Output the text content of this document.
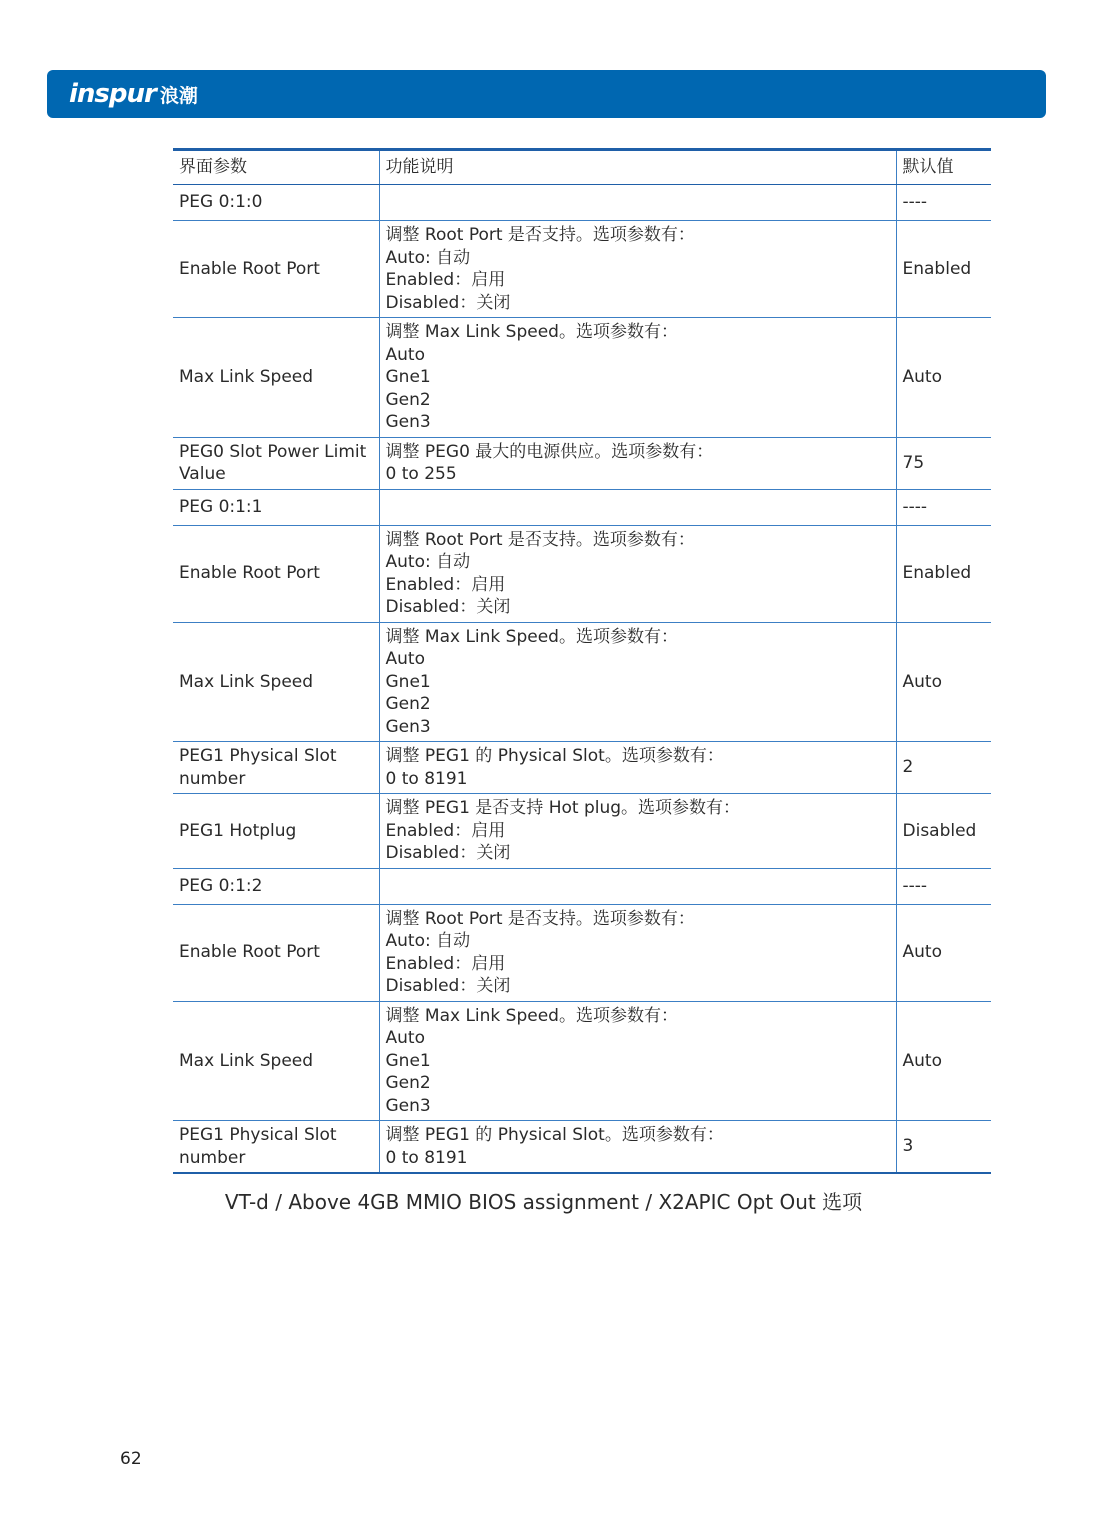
inspur 浪潮
界面参数	功能说明	默认值
PEG 0:1:0		----
Enable Root Port	调整 Root Port 是否支持。选项参数有：
Auto: 自动
Enabled：启用
Disabled：关闭	Enabled
Max Link Speed	调整 Max Link Speed。选项参数有：
Auto
Gne1
Gen2
Gen3	Auto
PEG0 Slot Power Limit Value	调整 PEG0 最大的电源供应。选项参数有：
0 to 255	75
PEG 0:1:1		----
Enable Root Port	调整 Root Port 是否支持。选项参数有：
Auto: 自动
Enabled：启用
Disabled：关闭	Enabled
Max Link Speed	调整 Max Link Speed。选项参数有：
Auto
Gne1
Gen2
Gen3	Auto
PEG1 Physical Slot number	调整 PEG1 的 Physical Slot。选项参数有：
0 to 8191	2
PEG1 Hotplug	调整 PEG1 是否支持 Hot plug。选项参数有：
Enabled：启用
Disabled：关闭	Disabled
PEG 0:1:2		----
Enable Root Port	调整 Root Port 是否支持。选项参数有：
Auto: 自动
Enabled：启用
Disabled：关闭	Auto
Max Link Speed	调整 Max Link Speed。选项参数有：
Auto
Gne1
Gen2
Gen3	Auto
PEG1 Physical Slot number	调整 PEG1 的 Physical Slot。选项参数有：
0 to 8191	3
VT-d / Above 4GB MMIO BIOS assignment / X2APIC Opt Out 选项
62
